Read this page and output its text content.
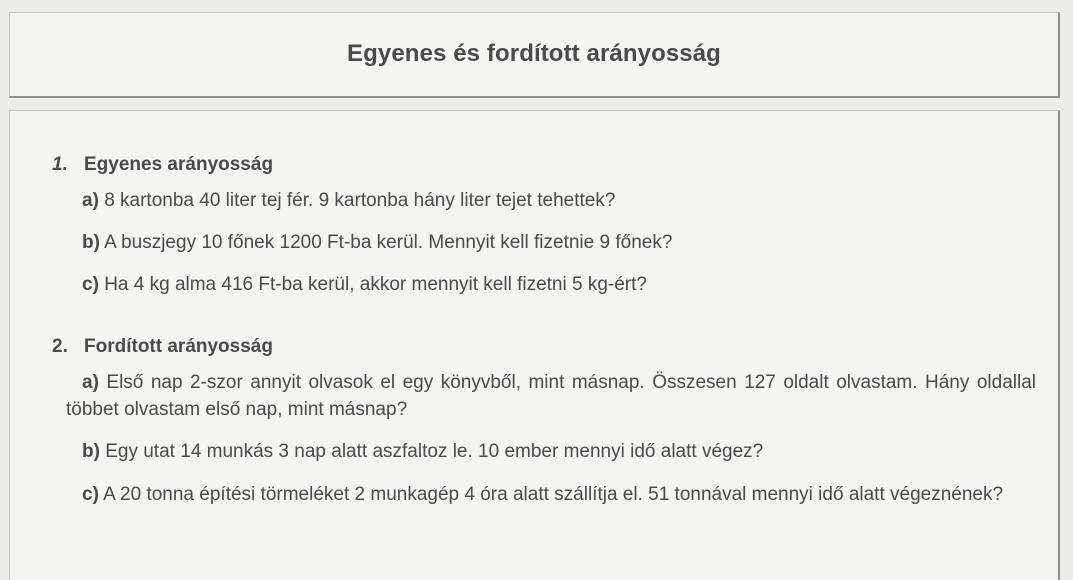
Egyenes és fordított arányosság
1. Egyenes arányosság
a) 8 kartonba 40 liter tej fér. 9 kartonba hány liter tejet tehettek?
b) A buszjegy 10 főnek 1200 Ft-ba kerül. Mennyit kell fizetnie 9 főnek?
c) Ha 4 kg alma 416 Ft-ba kerül, akkor mennyit kell fizetni 5 kg-ért?
2. Fordított arányosság
a) Első nap 2-szor annyit olvasok el egy könyvből, mint másnap. Összesen 127 oldalt olvastam. Hány oldallal többet olvastam első nap, mint másnap?
b) Egy utat 14 munkás 3 nap alatt aszfaltoz le. 10 ember mennyi idő alatt végez?
c) A 20 tonna építési törmeléket 2 munkagép 4 óra alatt szállítja el. 51 tonnával mennyi idő alatt végeznének?
